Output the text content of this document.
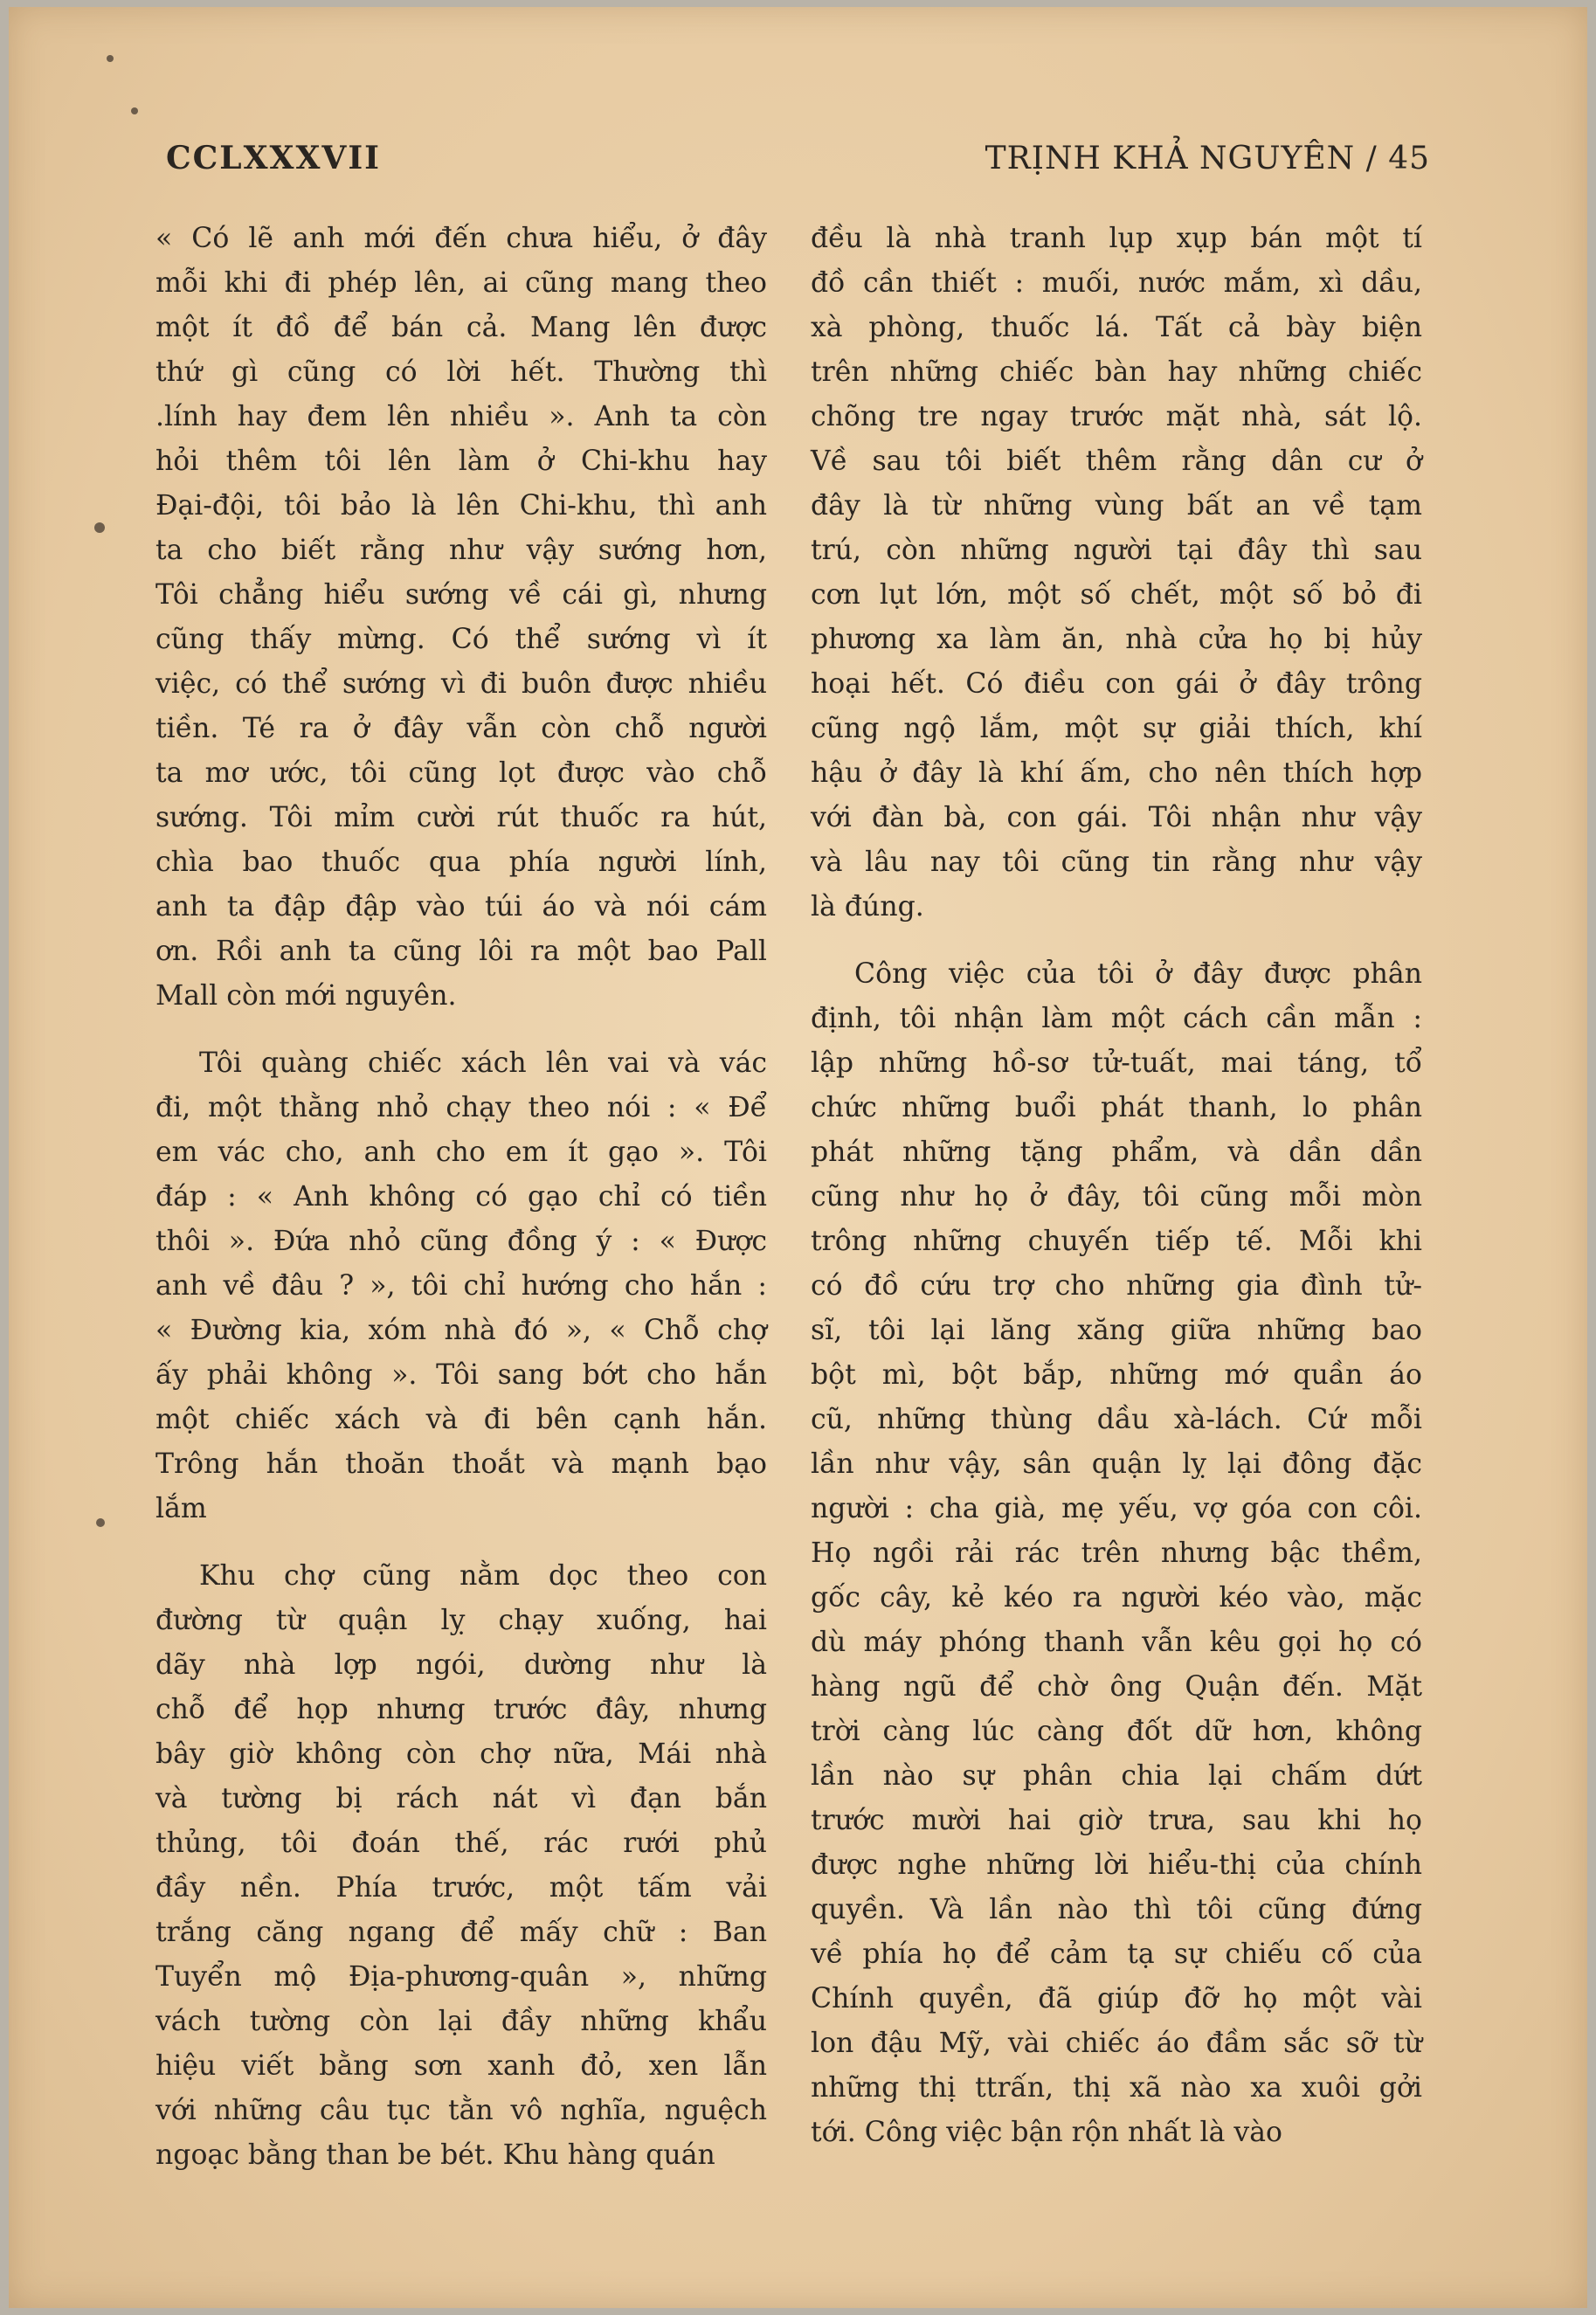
CCLXXXVII	TRỊNH KHẢ NGUYÊN / 45
« Có lẽ anh mới đến chưa hiểu, ở đây
mỗi khi đi phép lên, ai cũng mang theo
một ít đồ để bán cả. Mang lên được
thứ gì cũng có lời hết. Thường thì
.lính hay đem lên nhiều ». Anh ta còn
hỏi thêm tôi lên làm ở Chi-khu hay
Đại-đội, tôi bảo là lên Chi-khu, thì anh
ta cho biết rằng như vậy sướng hơn,
Tôi chẳng hiểu sướng về cái gì, nhưng
cũng thấy mừng. Có thể sướng vì ít
việc, có thể sướng vì đi buôn được nhiều
tiền. Té ra ở đây vẫn còn chỗ người
ta mơ ước, tôi cũng lọt được vào chỗ
sướng. Tôi mỉm cười rút thuốc ra hút,
chìa bao thuốc qua phía người lính,
anh ta đập đập vào túi áo và nói cám
ơn. Rồi anh ta cũng lôi ra một bao Pall
Mall còn mới nguyên.
Tôi quàng chiếc xách lên vai và vác
đi, một thằng nhỏ chạy theo nói : « Để
em vác cho, anh cho em ít gạo ». Tôi
đáp : « Anh không có gạo chỉ có tiền
thôi ». Đứa nhỏ cũng đồng ý : « Được
anh về đâu ? », tôi chỉ hướng cho hắn :
« Đường kia, xóm nhà đó », « Chỗ chợ
ấy phải không ». Tôi sang bớt cho hắn
một chiếc xách và đi bên cạnh hắn.
Trông hắn thoăn thoắt và mạnh bạo
lắm
Khu chợ cũng nằm dọc theo con
đường từ quận lỵ chạy xuống, hai
dãy nhà lợp ngói, dường như là
chỗ để họp nhưng trước đây, nhưng
bây giờ không còn chợ nữa, Mái nhà
và tường bị rách nát vì đạn bắn
thủng, tôi đoán thế, rác rưới phủ
đầy nền. Phía trước, một tấm vải
trắng căng ngang để mấy chữ : Ban
Tuyển mộ Địa-phương-quân », những
vách tường còn lại đầy những khẩu
hiệu viết bằng sơn xanh đỏ, xen lẫn
với những câu tục tằn vô nghĩa, nguệch
ngoạc bằng than be bét. Khu hàng quán
đều là nhà tranh lụp xụp bán một tí
đồ cần thiết : muối, nước mắm, xì dầu,
xà phòng, thuốc lá. Tất cả bày biện
trên những chiếc bàn hay những chiếc
chõng tre ngay trước mặt nhà, sát lộ.
Về sau tôi biết thêm rằng dân cư ở
đây là từ những vùng bất an về tạm
trú, còn những người tại đây thì sau
cơn lụt lớn, một số chết, một số bỏ đi
phương xa làm ăn, nhà cửa họ bị hủy
hoại hết. Có điều con gái ở đây trông
cũng ngộ lắm, một sự giải thích, khí
hậu ở đây là khí ấm, cho nên thích hợp
với đàn bà, con gái. Tôi nhận như vậy
và lâu nay tôi cũng tin rằng như vậy
là đúng.
Công việc của tôi ở đây được phân
định, tôi nhận làm một cách cần mẫn :
lập những hồ-sơ tử-tuất, mai táng, tổ
chức những buổi phát thanh, lo phân
phát những tặng phẩm, và dần dần
cũng như họ ở đây, tôi cũng mỗi mòn
trông những chuyến tiếp tế. Mỗi khi
có đồ cứu trợ cho những gia đình tử-
sĩ, tôi lại lăng xăng giữa những bao
bột mì, bột bắp, những mớ quần áo
cũ, những thùng dầu xà-lách. Cứ mỗi
lần như vậy, sân quận lỵ lại đông đặc
người : cha già, mẹ yếu, vợ góa con côi.
Họ ngồi rải rác trên nhưng bậc thềm,
gốc cây, kẻ kéo ra người kéo vào, mặc
dù máy phóng thanh vẫn kêu gọi họ có
hàng ngũ để chờ ông Quận đến. Mặt
trời càng lúc càng đốt dữ hơn, không
lần nào sự phân chia lại chấm dứt
trước mười hai giờ trưa, sau khi họ
được nghe những lời hiểu-thị của chính
quyền. Và lần nào thì tôi cũng đứng
về phía họ để cảm tạ sự chiếu cố của
Chính quyền, đã giúp đỡ họ một vài
lon đậu Mỹ, vài chiếc áo đầm sắc sỡ từ
những thị ttrấn, thị xã nào xa xuôi gởi
tới. Công việc bận rộn nhất là vào
